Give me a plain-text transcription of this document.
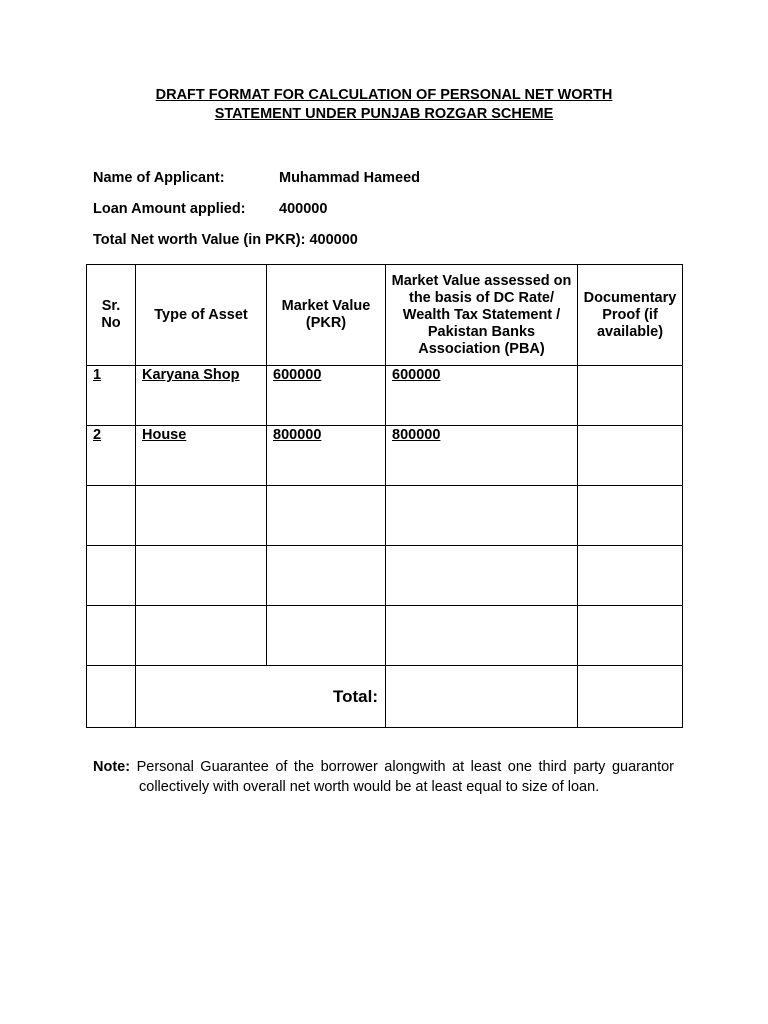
DRAFT FORMAT FOR CALCULATION OF PERSONAL NET WORTH
STATEMENT UNDER PUNJAB ROZGAR SCHEME
Name of Applicant:	Muhammad Hameed
Loan Amount applied: 400000
Total Net worth Value (in PKR): 400000
Sr. No	Type of Asset	Market Value (PKR)	Market Value assessed on the basis of DC Rate/ Wealth Tax Statement / Pakistan Banks Association (PBA)	Documentary Proof (if available)

1	Karyana Shop	600000	600000	

2	House	800000	800000	

	Total:			
Note: Personal Guarantee of the borrower alongwith at least one third party guarantor collectively with overall net worth would be at least equal to size of loan.
